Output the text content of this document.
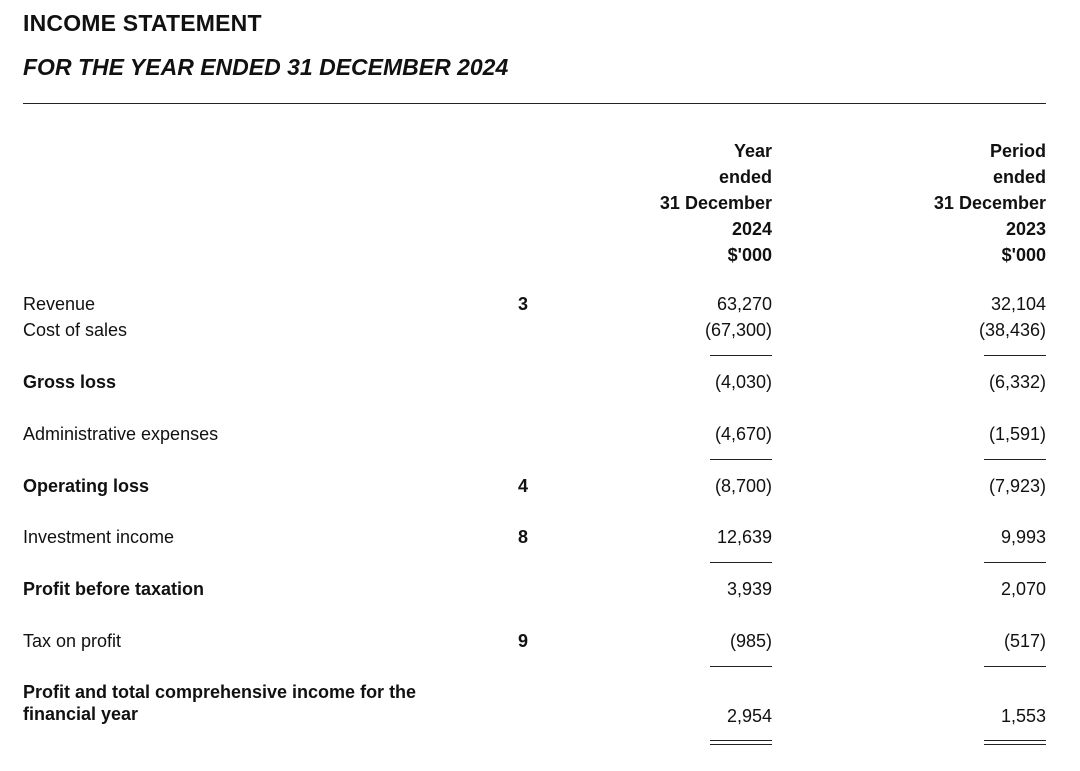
INCOME STATEMENT
FOR THE YEAR ENDED 31 DECEMBER 2024
Year
ended
31 December
2024
$'000
Period
ended
31 December
2023
$'000
Revenue	3	63,270	32,104
Cost of sales	(67,300)	(38,436)
Gross loss	(4,030)	(6,332)
Administrative expenses	(4,670)	(1,591)
Operating loss	4	(8,700)	(7,923)
Investment income	8	12,639	9,993
Profit before taxation	3,939	2,070
Tax on profit	9	(985)	(517)
Profit and total comprehensive income for the
financial year	2,954	1,553
